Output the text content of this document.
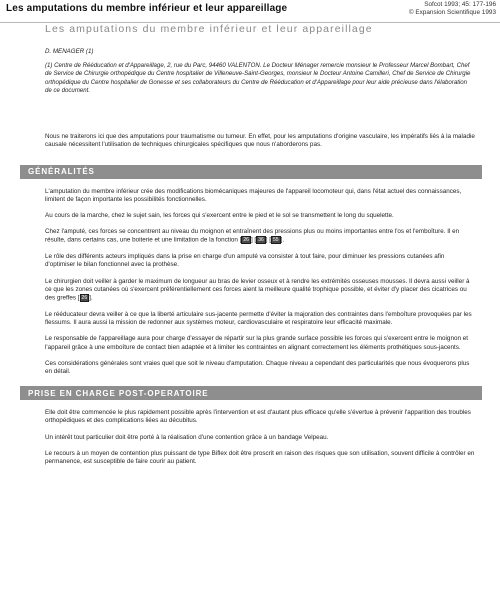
Les amputations du membre inférieur et leur appareillage	Sofcot 1993; 45: 177-196
© Expansion Scientifique 1993
Les amputations du membre inférieur et leur appareillage
D. MENAGER (1)
(1) Centre de Rééducation et d'Appareillage, 2, rue du Parc, 94460 VALENTON. Le Docteur Ménager remercie monsieur le Professeur Marcel Bombart, Chef de Service de Chirurgie orthopédique du Centre hospitalier de Villeneuve-Saint-Georges, monsieur le Docteur Antoine Camilleri, Chef de Service de Chirurgie orthopédique du Centre hospitalier de Gonesse et ses collaborateurs du Centre de Rééducation et d'Appareillage pour leur aide précieuse dans l'élaboration de ce document.

Nous ne traiterons ici que des amputations pour traumatisme ou tumeur. En effet, pour les amputations d'origine vasculaire, les impératifs liés à la maladie causale nécessitent l'utilisation de techniques chirurgicales spécifiques que nous n'aborderons pas.

GÉNÉRALITÉS

L'amputation du membre inférieur crée des modifications biomécaniques majeures de l'appareil locomoteur qui, dans l'état actuel des connaissances, limitent de façon importante les possibilités fonctionnelles.

Au cours de la marche, chez le sujet sain, les forces qui s'exercent entre le pied et le sol se transmettent le long du squelette.

Chez l'amputé, ces forces se concentrent au niveau du moignon et entraînent des pressions plus ou moins importantes entre l'os et l'emboîture. Il en résulte, dans certains cas, une boiterie et une limitation de la fonction 26 ] [ 36 ] [ 55 ].

Le rôle des différents acteurs impliqués dans la prise en charge d'un amputé va consister à tout faire, pour diminuer les pressions cutanées afin d'optimiser le bilan fonctionnel avec la prothèse.

Le chirurgien doit veiller à garder le maximum de longueur au bras de levier osseux et à rendre les extrémités osseuses mousses. Il devra aussi veiller à ce que les zones cutanées où s'exercent préférentiellement ces forces aient la meilleure qualité trophique possible, et éviter d'y placer des cicatrices ou des greffes 26 ].

Le rééducateur devra veiller à ce que la liberté articulaire sus-jacente permette d'éviter la majoration des contraintes dans l'emboîture provoquées par les flessums. Il aura aussi la mission de redonner aux systèmes moteur, cardiovasculaire et respiratoire leur efficacité maximale.

Le responsable de l'appareillage aura pour charge d'essayer de répartir sur la plus grande surface possible les forces qui s'exercent entre le moignon et l'appareil grâce à une emboîture de contact bien adaptée et à limiter les contraintes en alignant correctement les éléments prothétiques sous-jacents.

Ces considérations générales sont vraies quel que soit le niveau d'amputation. Chaque niveau a cependant des particularités que nous évoquerons plus en détail.

PRISE EN CHARGE POST-OPERATOIRE

Elle doit être commencée le plus rapidement possible après l'intervention et est d'autant plus efficace qu'elle s'évertue à prévenir l'apparition des troubles orthopédiques et des complications liées au décubitus.

Un intérêt tout particulier doit être porté à la réalisation d'une contention grâce à un bandage Velpeau.

Le recours à un moyen de contention plus puissant de type Biflex doit être proscrit en raison des risques que son utilisation, souvent difficile à contrôler en permanence, est susceptible de faire courir au patient.
